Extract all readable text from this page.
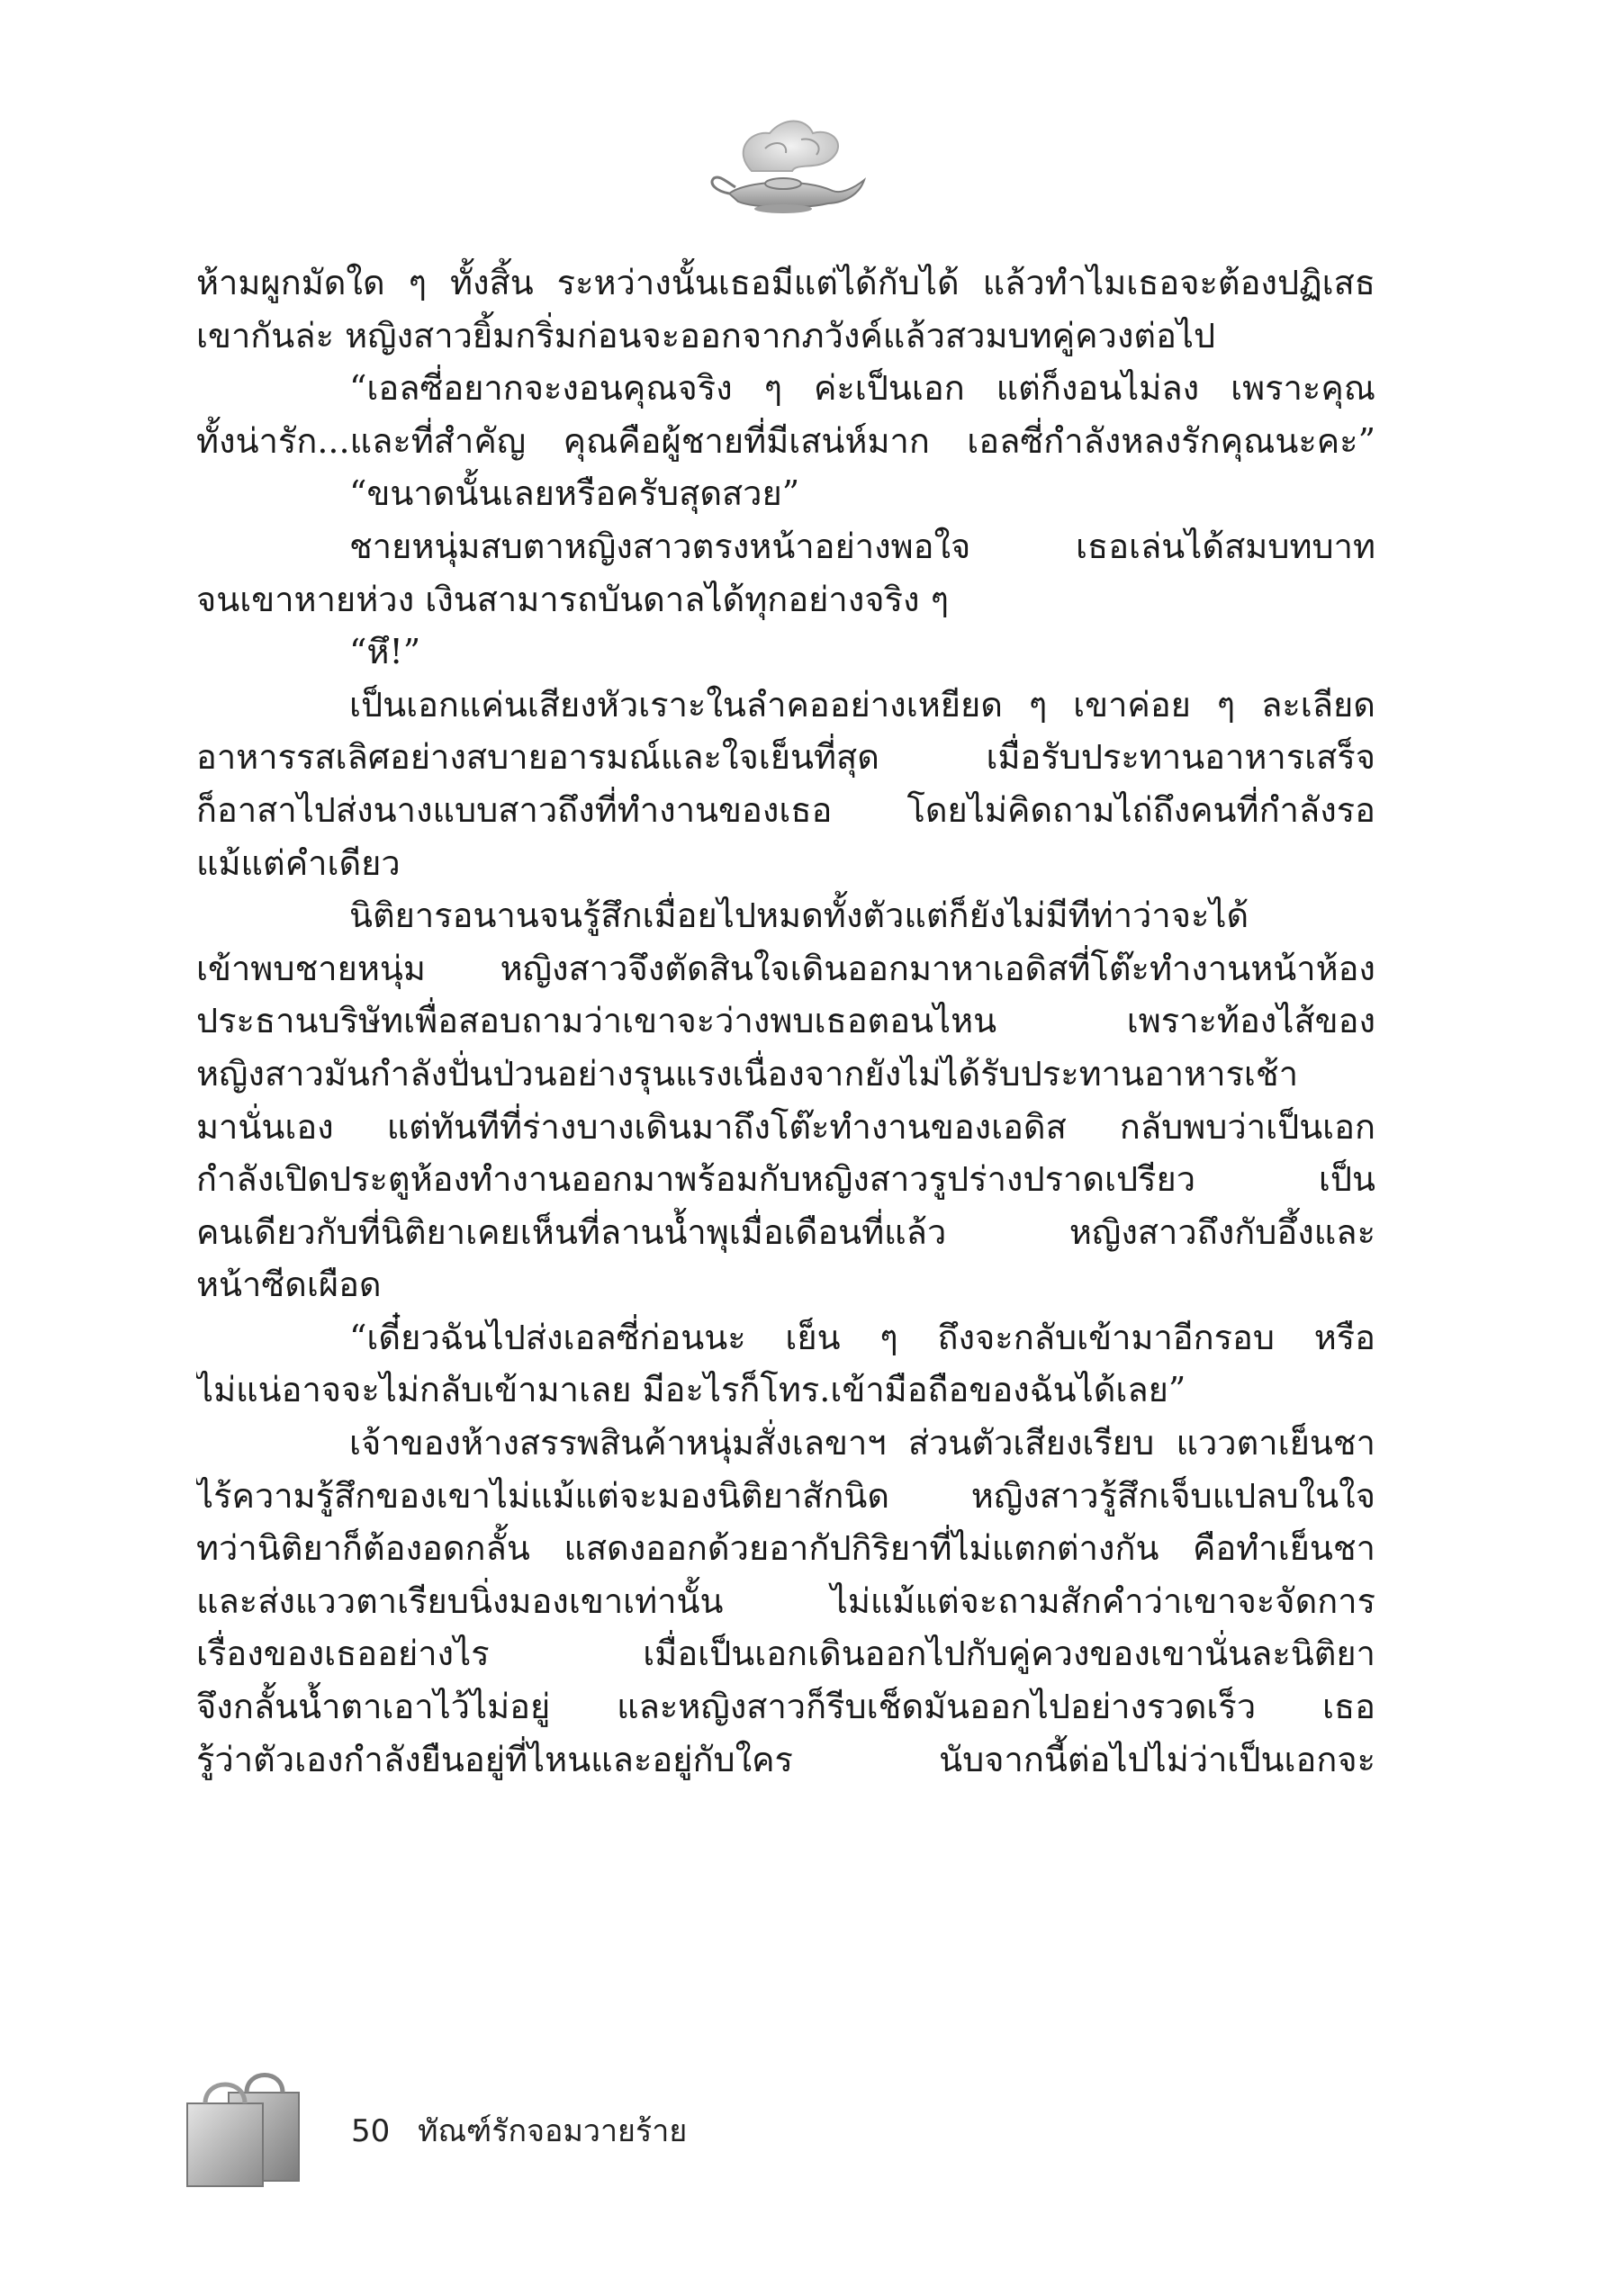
ห้ามผูกมัดใด ๆ ทั้งสิ้น ระหว่างนั้นเธอมีแต่ได้กับได้ แล้วทำไมเธอจะต้องปฏิเสธ
เขากันล่ะ หญิงสาวยิ้มกริ่มก่อนจะออกจากภวังค์แล้วสวมบทคู่ควงต่อไป
“เอลซี่อยากจะงอนคุณจริง ๆ ค่ะเป็นเอก แต่ก็งอนไม่ลง เพราะคุณ
ทั้งน่ารัก...และที่สำคัญ คุณคือผู้ชายที่มีเสน่ห์มาก เอลซี่กำลังหลงรักคุณนะคะ”
“ขนาดนั้นเลยหรือครับสุดสวย”
ชายหนุ่มสบตาหญิงสาวตรงหน้าอย่างพอใจ เธอเล่นได้สมบทบาท
จนเขาหายห่วง เงินสามารถบันดาลได้ทุกอย่างจริง ๆ
“หึ!”
เป็นเอกแค่นเสียงหัวเราะในลำคออย่างเหยียด ๆ เขาค่อย ๆ ละเลียด
อาหารรสเลิศอย่างสบายอารมณ์และใจเย็นที่สุด เมื่อรับประทานอาหารเสร็จ
ก็อาสาไปส่งนางแบบสาวถึงที่ทำงานของเธอ โดยไม่คิดถามไถ่ถึงคนที่กำลังรอ
แม้แต่คำเดียว
นิติยารอนานจนรู้สึกเมื่อยไปหมดทั้งตัวแต่ก็ยังไม่มีทีท่าว่าจะได้
เข้าพบชายหนุ่ม หญิงสาวจึงตัดสินใจเดินออกมาหาเอดิสที่โต๊ะทำงานหน้าห้อง
ประธานบริษัทเพื่อสอบถามว่าเขาจะว่างพบเธอตอนไหน เพราะท้องไส้ของ
หญิงสาวมันกำลังปั่นป่วนอย่างรุนแรงเนื่องจากยังไม่ได้รับประทานอาหารเช้า
มานั่นเอง แต่ทันทีที่ร่างบางเดินมาถึงโต๊ะทำงานของเอดิส กลับพบว่าเป็นเอก
กำลังเปิดประตูห้องทำงานออกมาพร้อมกับหญิงสาวรูปร่างปราดเปรียว เป็น
คนเดียวกับที่นิติยาเคยเห็นที่ลานน้ำพุเมื่อเดือนที่แล้ว หญิงสาวถึงกับอึ้งและ
หน้าซีดเผือด
“เดี๋ยวฉันไปส่งเอลซี่ก่อนนะ เย็น ๆ ถึงจะกลับเข้ามาอีกรอบ หรือ
ไม่แน่อาจจะไม่กลับเข้ามาเลย มีอะไรก็โทร.เข้ามือถือของฉันได้เลย”
เจ้าของห้างสรรพสินค้าหนุ่มสั่งเลขาฯ ส่วนตัวเสียงเรียบ แววตาเย็นชา
ไร้ความรู้สึกของเขาไม่แม้แต่จะมองนิติยาสักนิด หญิงสาวรู้สึกเจ็บแปลบในใจ
ทว่านิติยาก็ต้องอดกลั้น แสดงออกด้วยอากัปกิริยาที่ไม่แตกต่างกัน คือทำเย็นชา
และส่งแววตาเรียบนิ่งมองเขาเท่านั้น ไม่แม้แต่จะถามสักคำว่าเขาจะจัดการ
เรื่องของเธออย่างไร เมื่อเป็นเอกเดินออกไปกับคู่ควงของเขานั่นละนิติยา
จึงกลั้นน้ำตาเอาไว้ไม่อยู่ และหญิงสาวก็รีบเช็ดมันออกไปอย่างรวดเร็ว เธอ
รู้ว่าตัวเองกำลังยืนอยู่ที่ไหนและอยู่กับใคร นับจากนี้ต่อไปไม่ว่าเป็นเอกจะ
50 ทัณฑ์รักจอมวายร้าย
